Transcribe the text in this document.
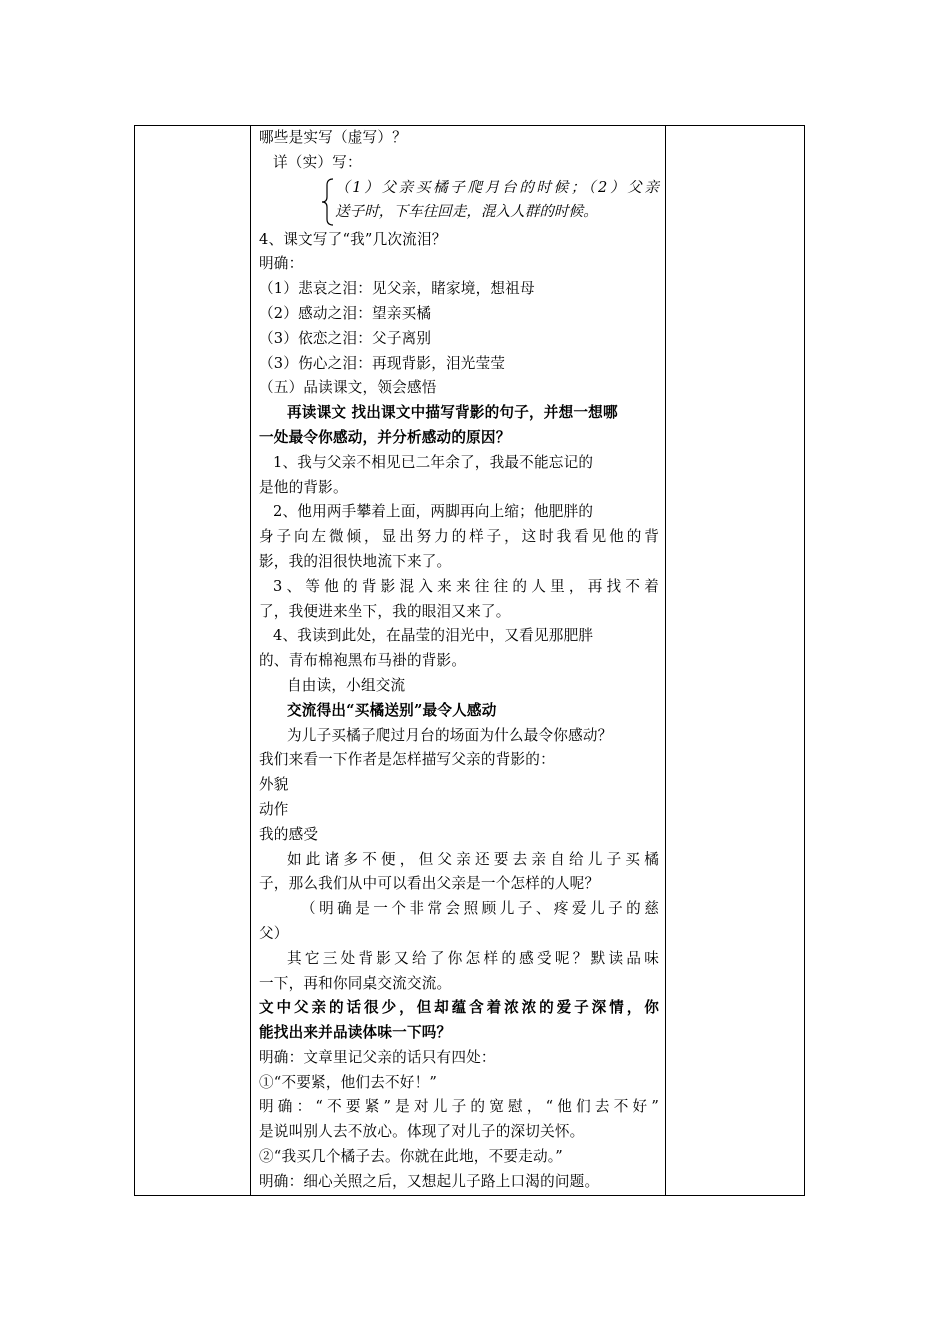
哪些是实写（虚写）？
详（实）写：
（1）父亲买橘子爬月台的时候；（2）父亲
送子时，下车往回走，混入人群的时候。
4、课文写了“我”几次流泪？
明确：
（1）悲哀之泪：见父亲，睹家境，想祖母
（2）感动之泪：望亲买橘
（3）依恋之泪：父子离别
（3）伤心之泪：再现背影，泪光莹莹
（五）品读课文，领会感悟
再读课文 找出课文中描写背影的句子，并想一想哪
一处最令你感动，并分析感动的原因？
1、我与父亲不相见已二年余了，我最不能忘记的
是他的背影。
2、他用两手攀着上面，两脚再向上缩；他肥胖的
身子向左微倾，显出努力的样子，这时我看见他的背
影，我的泪很快地流下来了。
3、等他的背影混入来来往往的人里，再找不着
了，我便进来坐下，我的眼泪又来了。
4、我读到此处，在晶莹的泪光中，又看见那肥胖
的、青布棉袍黑布马褂的背影。
自由读，小组交流
交流得出“买橘送别”最令人感动
为儿子买橘子爬过月台的场面为什么最令你感动？
我们来看一下作者是怎样描写父亲的背影的：
外貌
动作
我的感受
如此诸多不便，但父亲还要去亲自给儿子买橘
子，那么我们从中可以看出父亲是一个怎样的人呢？
（明确是一个非常会照顾儿子、疼爱儿子的慈
父）
其它三处背影又给了你怎样的感受呢？默读品味
一下，再和你同桌交流交流。
文中父亲的话很少，但却蕴含着浓浓的爱子深情，你
能找出来并品读体味一下吗？
明确：文章里记父亲的话只有四处：
①“不要紧，他们去不好！”
明确：“不要紧”是对儿子的宽慰，“他们去不好”
是说叫别人去不放心。体现了对儿子的深切关怀。
②“我买几个橘子去。你就在此地，不要走动。”
明确：细心关照之后，又想起儿子路上口渴的问题。
